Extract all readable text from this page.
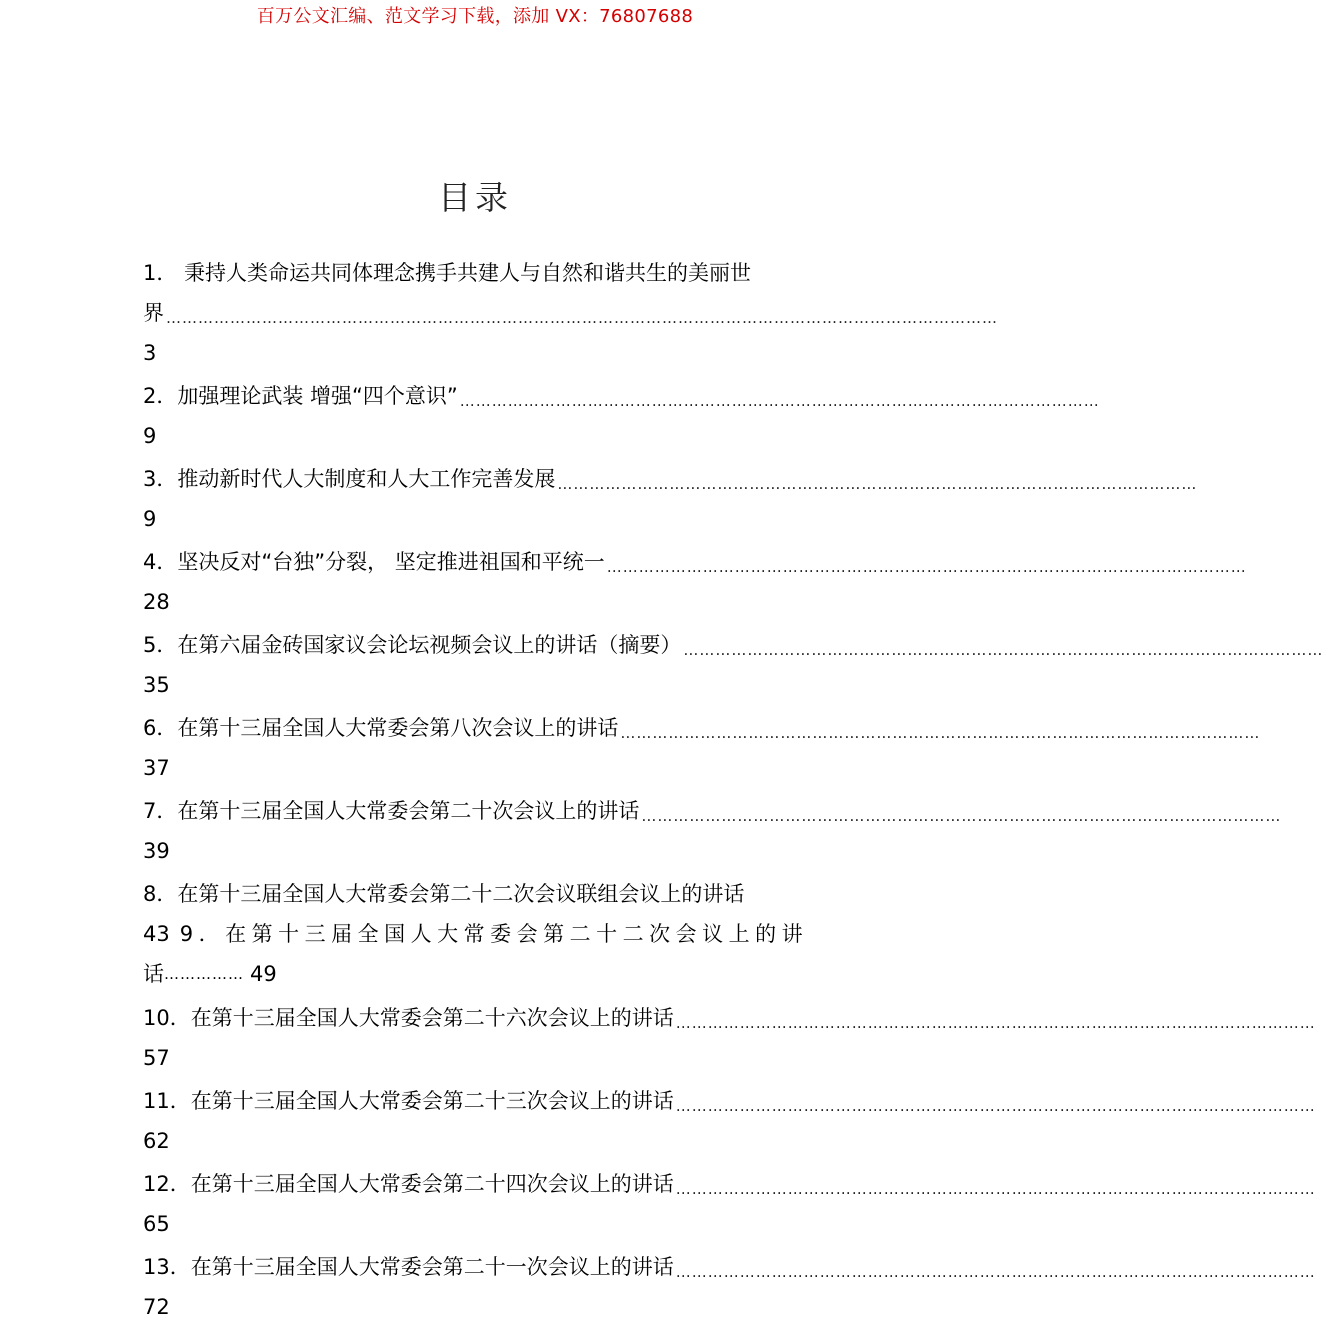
百万公文汇编、范文学习下载，添加 VX：76807688
目录
1． 秉持人类命运共同体理念携手共建人与自然和谐共生的美丽世
界 …………………………………………………………………………………………………………………………………………
3
2．加强理论武装 增强“四个意识” …………………………………………………………………………………………………………
9
3．推动新时代人大制度和人大工作完善发展 …………………………………………………………………………………………………………
9
4．坚决反对“台独”分裂， 坚定推进祖国和平统一 …………………………………………………………………………………………………………
28
5．在第六届金砖国家议会论坛视频会议上的讲话（摘要） …………………………………………………………………………………………………………
35
6．在第十三届全国人大常委会第八次会议上的讲话 …………………………………………………………………………………………………………
37
7．在第十三届全国人大常委会第二十次会议上的讲话 …………………………………………………………………………………………………………
39
8．在第十三届全国人大常委会第二十二次会议联组会议上的讲话
43 9．在第十三届全国人大常委会第二十二次会议上的讲
话 …………… 49
10．在第十三届全国人大常委会第二十六次会议上的讲话 …………………………………………………………………………………………………………
57
11．在第十三届全国人大常委会第二十三次会议上的讲话 …………………………………………………………………………………………………………
62
12．在第十三届全国人大常委会第二十四次会议上的讲话 …………………………………………………………………………………………………………
65
13．在第十三届全国人大常委会第二十一次会议上的讲话 …………………………………………………………………………………………………………
72
